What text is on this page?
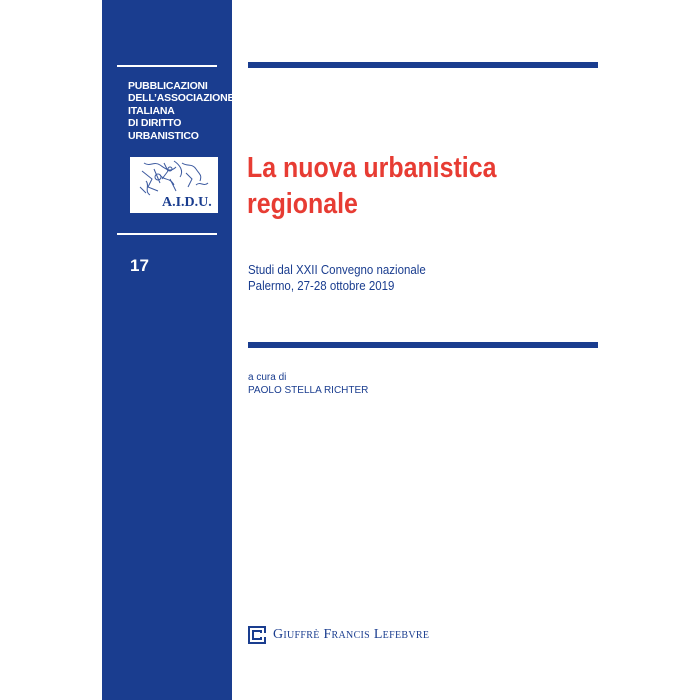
PUBBLICAZIONI
DELL’ASSOCIAZIONE
ITALIANA
DI DIRITTO
URBANISTICO
A.I.D.U.
17
La nuova urbanistica
regionale
Studi dal XXII Convegno nazionale
Palermo, 27-28 ottobre 2019
a cura di
PAOLO STELLA RICHTER
Giuffrè Francis Lefebvre
